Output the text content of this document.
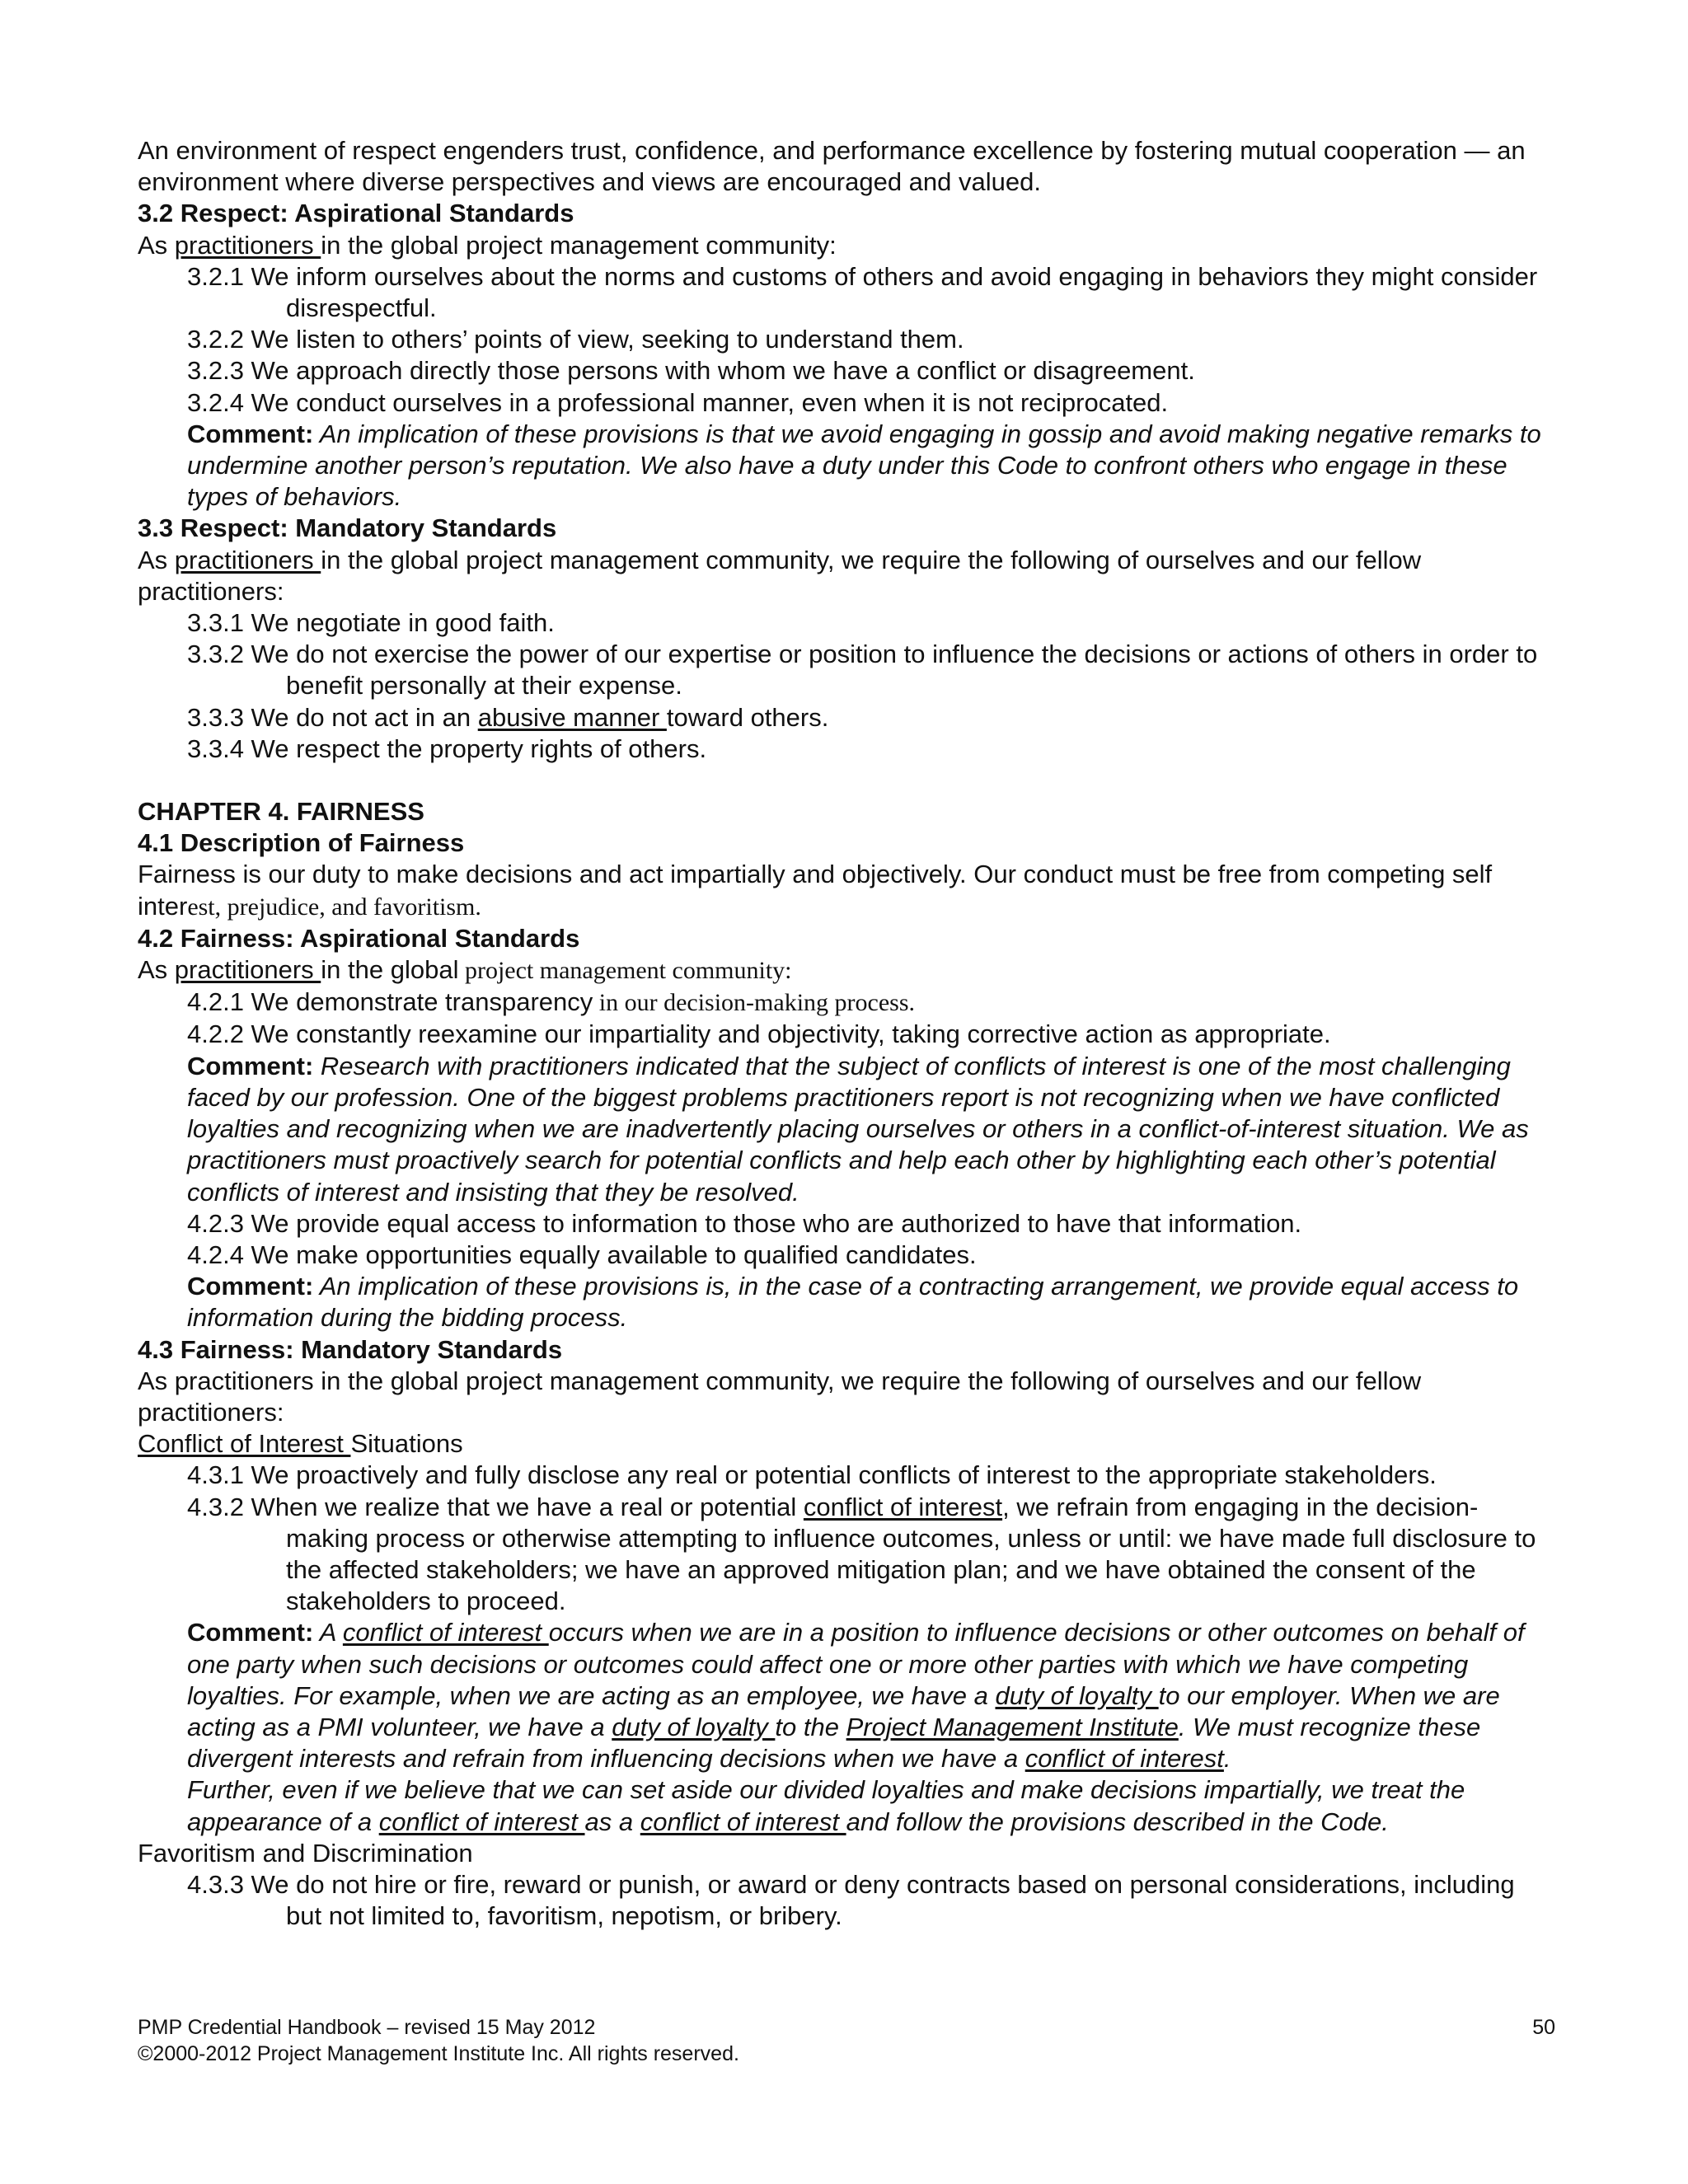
An environment of respect engenders trust, confidence, and performance excellence by fostering mutual cooperation — an environment where diverse perspectives and views are encouraged and valued.

3.2 Respect: Aspirational Standards

As practitioners in the global project management community:

3.2.1 We inform ourselves about the norms and customs of others and avoid engaging in behaviors they might consider disrespectful.

3.2.2 We listen to others’ points of view, seeking to understand them.

3.2.3 We approach directly those persons with whom we have a conflict or disagreement.

3.2.4 We conduct ourselves in a professional manner, even when it is not reciprocated.

Comment: An implication of these provisions is that we avoid engaging in gossip and avoid making negative remarks to undermine another person’s reputation. We also have a duty under this Code to confront others who engage in these types of behaviors.

3.3 Respect: Mandatory Standards

As practitioners in the global project management community, we require the following of ourselves and our fellow practitioners:

3.3.1 We negotiate in good faith.

3.3.2 We do not exercise the power of our expertise or position to influence the decisions or actions of others in order to benefit personally at their expense.

3.3.3 We do not act in an abusive manner toward others.

3.3.4 We respect the property rights of others.

CHAPTER 4. FAIRNESS

4.1 Description of Fairness

Fairness is our duty to make decisions and act impartially and objectively. Our conduct must be free from competing self interest, prejudice, and favoritism.

4.2 Fairness: Aspirational Standards

As practitioners in the global project management community:

4.2.1 We demonstrate transparency in our decision-making process.

4.2.2 We constantly reexamine our impartiality and objectivity, taking corrective action as appropriate.

Comment: Research with practitioners indicated that the subject of conflicts of interest is one of the most challenging faced by our profession. One of the biggest problems practitioners report is not recognizing when we have conflicted loyalties and recognizing when we are inadvertently placing ourselves or others in a conflict-of-interest situation. We as practitioners must proactively search for potential conflicts and help each other by highlighting each other’s potential conflicts of interest and insisting that they be resolved.

4.2.3 We provide equal access to information to those who are authorized to have that information.

4.2.4 We make opportunities equally available to qualified candidates.

Comment: An implication of these provisions is, in the case of a contracting arrangement, we provide equal access to information during the bidding process.

4.3 Fairness: Mandatory Standards

As practitioners in the global project management community, we require the following of ourselves and our fellow practitioners:

Conflict of Interest Situations

4.3.1 We proactively and fully disclose any real or potential conflicts of interest to the appropriate stakeholders.

4.3.2 When we realize that we have a real or potential conflict of interest, we refrain from engaging in the decision-making process or otherwise attempting to influence outcomes, unless or until: we have made full disclosure to the affected stakeholders; we have an approved mitigation plan; and we have obtained the consent of the stakeholders to proceed.

Comment: A conflict of interest occurs when we are in a position to influence decisions or other outcomes on behalf of one party when such decisions or outcomes could affect one or more other parties with which we have competing loyalties. For example, when we are acting as an employee, we have a duty of loyalty to our employer. When we are acting as a PMI volunteer, we have a duty of loyalty to the Project Management Institute. We must recognize these divergent interests and refrain from influencing decisions when we have a conflict of interest.

Further, even if we believe that we can set aside our divided loyalties and make decisions impartially, we treat the appearance of a conflict of interest as a conflict of interest and follow the provisions described in the Code.

Favoritism and Discrimination

4.3.3 We do not hire or fire, reward or punish, or award or deny contracts based on personal considerations, including but not limited to, favoritism, nepotism, or bribery.

PMP Credential Handbook – revised 15 May 2012	50
©2000-2012 Project Management Institute Inc. All rights reserved.
